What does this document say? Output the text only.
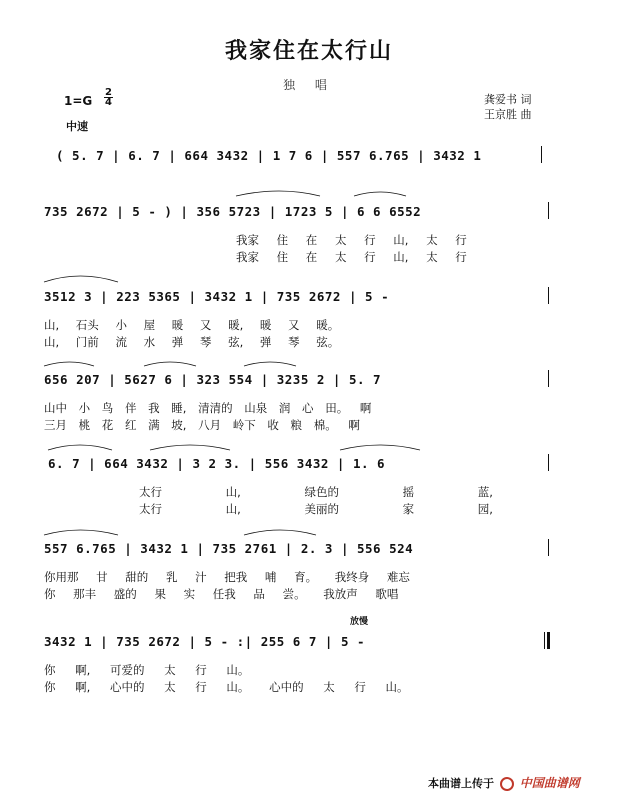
我家住在太行山
独 唱
1=G
2
4
中速
龚爱书 词
王京胜 曲
( 5. 7 | 6. 7 | 664 3432 | 1 7 6 | 557 6.765 | 3432 1
735 2672 | 5 - ) | 356 5723 | 1723 5 | 6 6 6552
我家 住 在 太 行 山, 太 行
我家 住 在 太 行 山, 太 行
3512 3 | 223 5365 | 3432 1 | 735 2672 | 5 -
山, 石头 小 屋 暖 又 暖, 暖 又 暖。
山, 门前 流 水 弹 琴 弦, 弹 琴 弦。
656 207 | 5627 6 | 323 554 | 3235 2 | 5. 7
山中 小 鸟 伴 我 睡, 清清的 山泉 润 心 田。 啊
三月 桃 花 红 满 坡, 八月 岭下 收 粮 棉。 啊
6. 7 | 664 3432 | 3 2 3. | 556 3432 | 1. 6
太行 山, 绿色的 摇 蓝,
太行 山, 美丽的 家 园,
557 6.765 | 3432 1 | 735 2761 | 2. 3 | 556 524
你用那 甘 甜的 乳 汁 把我 哺 育。 我终身 难忘
你 那丰 盛的 果 实 任我 品 尝。 我放声 歌唱
放慢
3432 1 | 735 2672 | 5 - :| 255 6 7 | 5 -
你 啊, 可爱的 太 行 山。
你 啊, 心中的 太 行 山。 心中的 太 行 山。
本曲谱上传于 中国曲谱网
